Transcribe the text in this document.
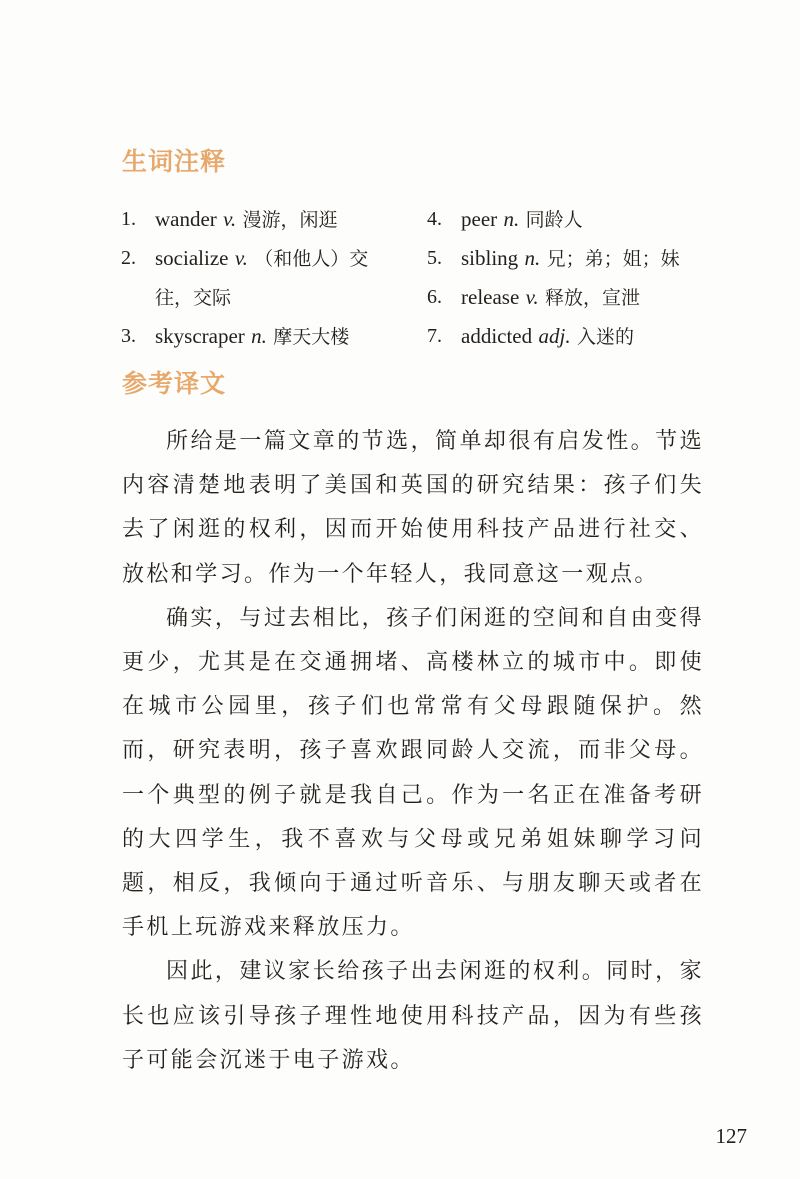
生词注释
1. wander v. 漫游，闲逛
2. socialize v. （和他人）交往，交际
3. skyscraper n. 摩天大楼
4. peer n. 同龄人
5. sibling n. 兄；弟；姐；妹
6. release v. 释放，宣泄
7. addicted adj. 入迷的
参考译文

所给是一篇文章的节选，简单却很有启发性。节选内容清楚地表明了美国和英国的研究结果：孩子们失去了闲逛的权利，因而开始使用科技产品进行社交、放松和学习。作为一个年轻人，我同意这一观点。

确实，与过去相比，孩子们闲逛的空间和自由变得更少，尤其是在交通拥堵、高楼林立的城市中。即使在城市公园里，孩子们也常常有父母跟随保护。然而，研究表明，孩子喜欢跟同龄人交流，而非父母。一个典型的例子就是我自己。作为一名正在准备考研的大四学生，我不喜欢与父母或兄弟姐妹聊学习问题，相反，我倾向于通过听音乐、与朋友聊天或者在手机上玩游戏来释放压力。

因此，建议家长给孩子出去闲逛的权利。同时，家长也应该引导孩子理性地使用科技产品，因为有些孩子可能会沉迷于电子游戏。

127
